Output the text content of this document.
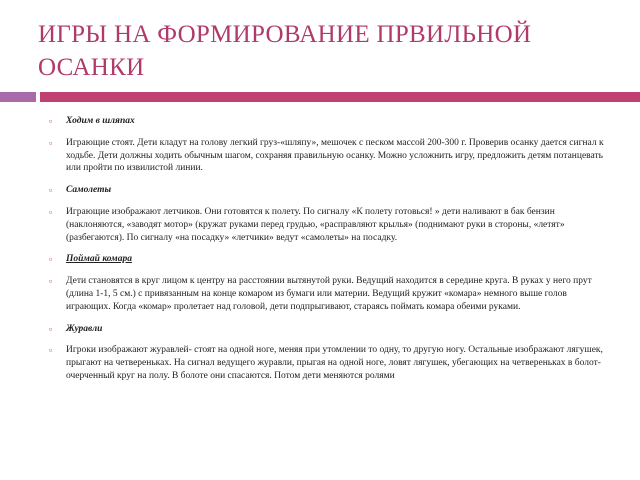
ИГРЫ НА ФОРМИРОВАНИЕ ПРВИЛЬНОЙ ОСАНКИ
▫ Ходим в шляпах
▫ Играющие стоят. Дети кладут на голову легкий груз-«шляпу», мешочек с песком массой 200-300 г. Проверив осанку дается сигнал к ходьбе. Дети должны ходить обычным шагом, сохраняя правильную осанку. Можно усложнить игру, предложить детям потанцевать или пройти по извилистой линии.
▫ Самолеты
▫ Играющие изображают летчиков. Они готовятся к полету. По сигналу «К полету готовься! » дети наливают в бак бензин (наклоняются, «заводят мотор» (кружат руками перед грудью, «расправляют крылья» (поднимают руки в стороны, «летят» (разбегаются). По сигналу «на посадку» «летчики» ведут «самолеты» на посадку.
▫ Поймай комара
▫ Дети становятся в круг лицом к центру на расстоянии вытянутой руки. Ведущий находится в середине круга. В руках у него прут (длина 1-1, 5 см.) с привязанным на конце комаром из бумаги или материи. Ведущий кружит «комара» немного выше голов играющих. Когда «комар» пролетает над головой, дети подпрыгивают, стараясь поймать комара обеими руками.
▫ Журавли
▫ Игроки изображают журавлей- стоят на одной ноге, меняя при утомлении то одну, то другую ногу. Остальные изображают лягушек, прыгают на четвереньках. На сигнал ведущего журавли, прыгая на одной ноге, ловят лягушек, убегающих на четвереньках в болот- очерченный круг на полу. В болоте они спасаются. Потом дети меняются ролями
